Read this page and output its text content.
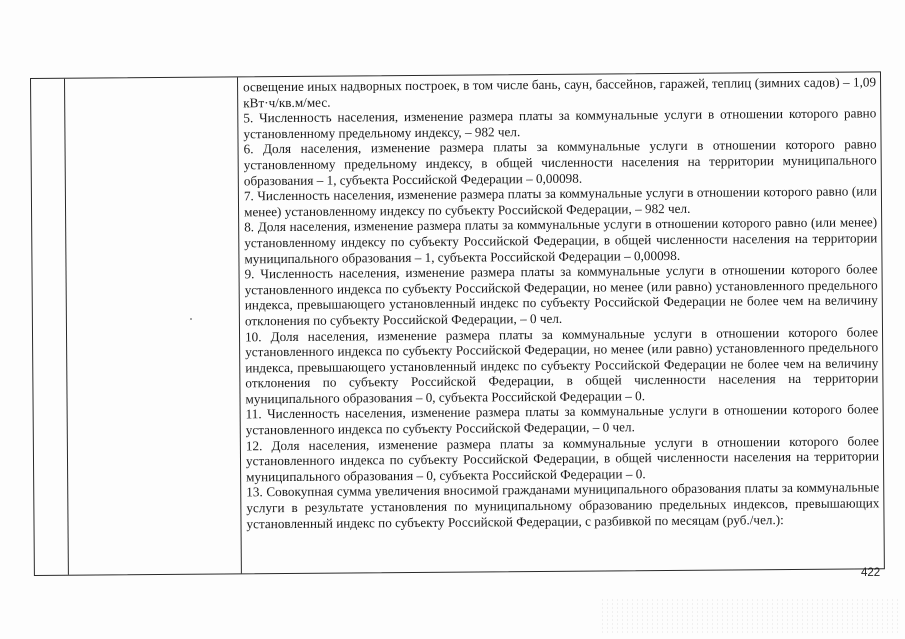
освещение иных надворных построек, в том числе бань, саун, бассейнов, гаражей, теплиц (зимних садов) – 1,09 кВт·ч/кв.м/мес.

5. Численность населения, изменение размера платы за коммунальные услуги в отношении которого равно установленному предельному индексу, – 982 чел.

6. Доля населения, изменение размера платы за коммунальные услуги в отношении которого равно установленному предельному индексу, в общей численности населения на территории муниципального образования – 1, субъекта Российской Федерации – 0,00098.

7. Численность населения, изменение размера платы за коммунальные услуги в отношении которого равно (или менее) установленному индексу по субъекту Российской Федерации, – 982 чел.

8. Доля населения, изменение размера платы за коммунальные услуги в отношении которого равно (или менее) установленному индексу по субъекту Российской Федерации, в общей численности населения на территории муниципального образования – 1, субъекта Российской Федерации – 0,00098.

9. Численность населения, изменение размера платы за коммунальные услуги в отношении которого более установленного индекса по субъекту Российской Федерации, но менее (или равно) установленного предельного индекса, превышающего установленный индекс по субъекту Российской Федерации не более чем на величину отклонения по субъекту Российской Федерации, – 0 чел.

10. Доля населения, изменение размера платы за коммунальные услуги в отношении которого более установленного индекса по субъекту Российской Федерации, но менее (или равно) установленного предельного индекса, превышающего установленный индекс по субъекту Российской Федерации не более чем на величину отклонения по субъекту Российской Федерации, в общей численности населения на территории муниципального образования – 0, субъекта Российской Федерации – 0.

11. Численность населения, изменение размера платы за коммунальные услуги в отношении которого более установленного индекса по субъекту Российской Федерации, – 0 чел.

12. Доля населения, изменение размера платы за коммунальные услуги в отношении которого более установленного индекса по субъекту Российской Федерации, в общей численности населения на территории муниципального образования – 0, субъекта Российской Федерации – 0.

13. Совокупная сумма увеличения вносимой гражданами муниципального образования платы за коммунальные услуги в результате установления по муниципальному образованию предельных индексов, превышающих установленный индекс по субъекту Российской Федерации, с разбивкой по месяцам (руб./чел.):

422
